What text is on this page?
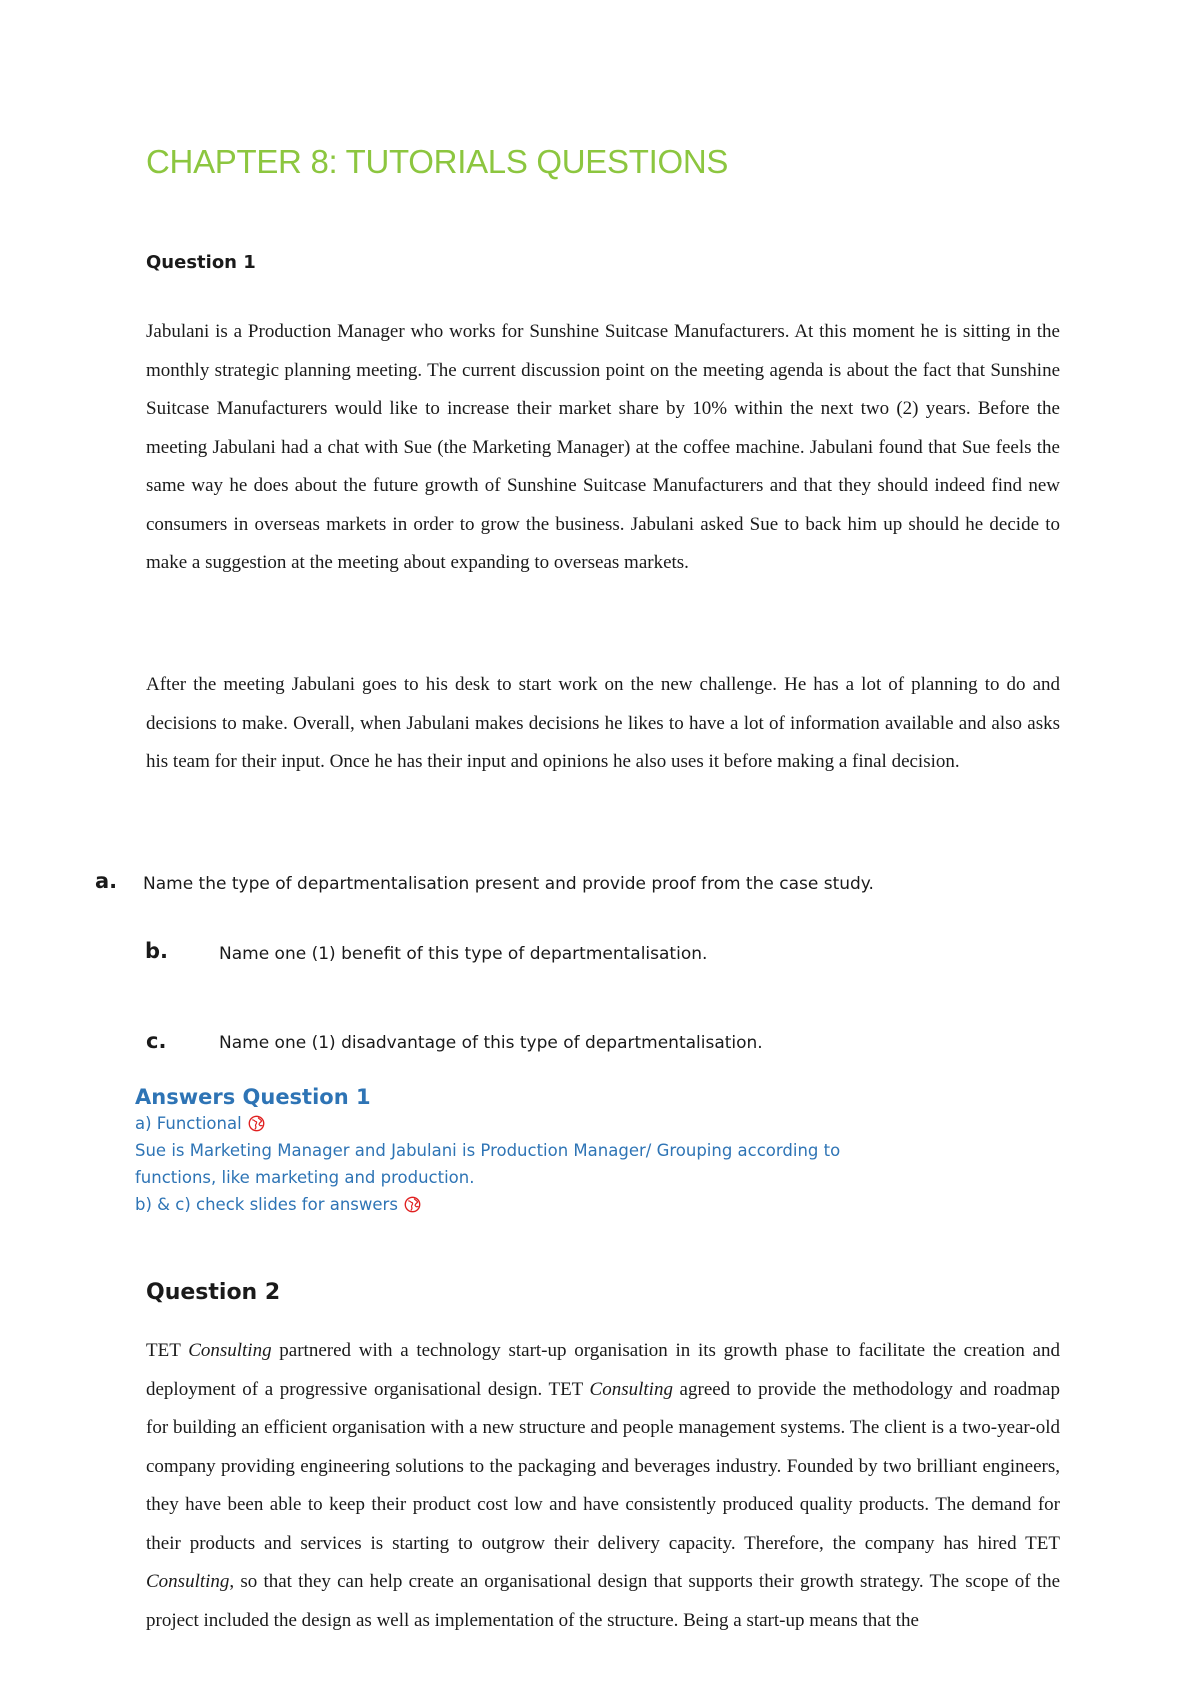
CHAPTER 8: TUTORIALS QUESTIONS
Question 1

Jabulani is a Production Manager who works for Sunshine Suitcase Manufacturers. At this moment he is sitting in the monthly strategic planning meeting. The current discussion point on the meeting agenda is about the fact that Sunshine Suitcase Manufacturers would like to increase their market share by 10% within the next two (2) years. Before the meeting Jabulani had a chat with Sue (the Marketing Manager) at the coffee machine. Jabulani found that Sue feels the same way he does about the future growth of Sunshine Suitcase Manufacturers and that they should indeed find new consumers in overseas markets in order to grow the business. Jabulani asked Sue to back him up should he decide to make a suggestion at the meeting about expanding to overseas markets.

After the meeting Jabulani goes to his desk to start work on the new challenge. He has a lot of planning to do and decisions to make. Overall, when Jabulani makes decisions he likes to have a lot of information available and also asks his team for their input. Once he has their input and opinions he also uses it before making a final decision.

a. Name the type of departmentalisation present and provide proof from the case study.
b.	Name one (1) benefit of this type of departmentalisation.
c.	Name one (1) disadvantage of this type of departmentalisation.
Answers Question 1
a) Functional
Sue is Marketing Manager and Jabulani is Production Manager/ Grouping according to
functions, like marketing and production.
b) & c) check slides for answers
Question 2

TET Consulting partnered with a technology start-up organisation in its growth phase to facilitate the creation and deployment of a progressive organisational design. TET Consulting agreed to provide the methodology and roadmap for building an efficient organisation with a new structure and people management systems. The client is a two-year-old company providing engineering solutions to the packaging and beverages industry. Founded by two brilliant engineers, they have been able to keep their product cost low and have consistently produced quality products. The demand for their products and services is starting to outgrow their delivery capacity. Therefore, the company has hired TET Consulting, so that they can help create an organisational design that supports their growth strategy. The scope of the project included the design as well as implementation of the structure. Being a start-up means that the
